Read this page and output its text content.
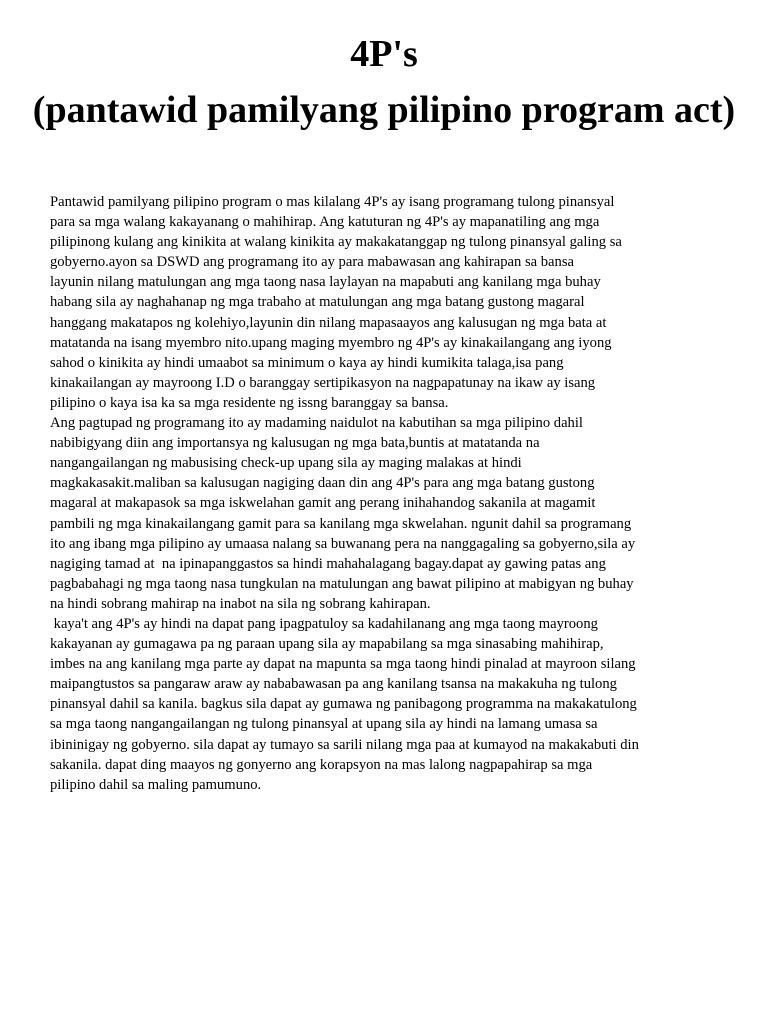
4P's
(pantawid pamilyang pilipino program act)
Pantawid pamilyang pilipino program o mas kilalang 4P's ay isang programang tulong pinansyal
para sa mga walang kakayanang o mahihirap. Ang katuturan ng 4P's ay mapanatiling ang mga
pilipinong kulang ang kinikita at walang kinikita ay makakatanggap ng tulong pinansyal galing sa
gobyerno.ayon sa DSWD ang programang ito ay para mabawasan ang kahirapan sa bansa
layunin nilang matulungan ang mga taong nasa laylayan na mapabuti ang kanilang mga buhay
habang sila ay naghahanap ng mga trabaho at matulungan ang mga batang gustong magaral
hanggang makatapos ng kolehiyo,layunin din nilang mapasaayos ang kalusugan ng mga bata at
matatanda na isang myembro nito.upang maging myembro ng 4P's ay kinakailangang ang iyong
sahod o kinikita ay hindi umaabot sa minimum o kaya ay hindi kumikita talaga,isa pang
kinakailangan ay mayroong I.D o baranggay sertipikasyon na nagpapatunay na ikaw ay isang
pilipino o kaya isa ka sa mga residente ng issng baranggay sa bansa.
Ang pagtupad ng programang ito ay madaming naidulot na kabutihan sa mga pilipino dahil
nabibigyang diin ang importansya ng kalusugan ng mga bata,buntis at matatanda na
nangangailangan ng mabusising check-up upang sila ay maging malakas at hindi
magkakasakit.maliban sa kalusugan nagiging daan din ang 4P's para ang mga batang gustong
magaral at makapasok sa mga iskwelahan gamit ang perang inihahandog sakanila at magamit
pambili ng mga kinakailangang gamit para sa kanilang mga skwelahan. ngunit dahil sa programang
ito ang ibang mga pilipino ay umaasa nalang sa buwanang pera na nanggagaling sa gobyerno,sila ay
nagiging tamad at  na ipinapanggastos sa hindi mahahalagang bagay.dapat ay gawing patas ang
pagbabahagi ng mga taong nasa tungkulan na matulungan ang bawat pilipino at mabigyan ng buhay
na hindi sobrang mahirap na inabot na sila ng sobrang kahirapan.
kaya't ang 4P's ay hindi na dapat pang ipagpatuloy sa kadahilanang ang mga taong mayroong
kakayanan ay gumagawa pa ng paraan upang sila ay mapabilang sa mga sinasabing mahihirap,
imbes na ang kanilang mga parte ay dapat na mapunta sa mga taong hindi pinalad at mayroon silang
maipangtustos sa pangaraw araw ay nababawasan pa ang kanilang tsansa na makakuha ng tulong
pinansyal dahil sa kanila. bagkus sila dapat ay gumawa ng panibagong programma na makakatulong
sa mga taong nangangailangan ng tulong pinansyal at upang sila ay hindi na lamang umasa sa
ibininigay ng gobyerno. sila dapat ay tumayo sa sarili nilang mga paa at kumayod na makakabuti din
sakanila. dapat ding maayos ng gonyerno ang korapsyon na mas lalong nagpapahirap sa mga
pilipino dahil sa maling pamumuno.
